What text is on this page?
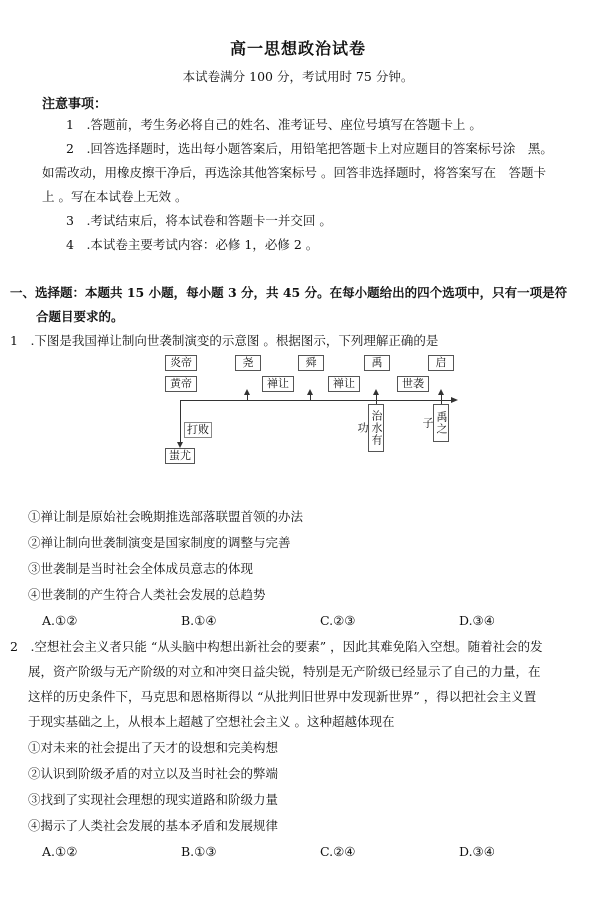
高一思想政治试卷
本试卷满分 100 分，考试用时 75 分钟。
注意事项：
1　.答题前，考生务必将自己的姓名、准考证号、座位号填写在答题卡上 。
2　.回答选择题时，选出每小题答案后，用铅笔把答题卡上对应题目的答案标号涂　黑。
如需改动，用橡皮擦干净后，再选涂其他答案标号 。回答非选择题时，将答案写在　答题卡
上 。写在本试卷上无效 。
3　.考试结束后，将本试卷和答题卡一并交回 。
4　.本试卷主要考试内容：必修 1，必修 2 。
一、选择题：本题共 15 小题，每小题 3 分，共 45 分。在每小题给出的四个选项中，只有一项是符
合题目要求的。
1　.下图是我国禅让制向世袭制演变的示意图 。根据图示，下列理解正确的是
炎帝	尧	舜	禹	启
黄帝	禅让	禅让	世袭
打败
蚩尤
治水有功	禹之子
①禅让制是原始社会晚期推选部落联盟首领的办法
②禅让制向世袭制演变是国家制度的调整与完善
③世袭制是当时社会全体成员意志的体现
④世袭制的产生符合人类社会发展的总趋势
A.①②	B.①④	C.②③	D.③④
2　.空想社会主义者只能 “从头脑中构想出新社会的要素” ，因此其难免陷入空想。随着社会的发
展，资产阶级与无产阶级的对立和冲突日益尖锐，特别是无产阶级已经显示了自己的力量，在
这样的历史条件下，马克思和恩格斯得以 “从批判旧世界中发现新世界” ，得以把社会主义置
于现实基础之上，从根本上超越了空想社会主义 。这种超越体现在
①对未来的社会提出了天才的设想和完美构想
②认识到阶级矛盾的对立以及当时社会的弊端
③找到了实现社会理想的现实道路和阶级力量
④揭示了人类社会发展的基本矛盾和发展规律
A.①②	B.①③	C.②④	D.③④
